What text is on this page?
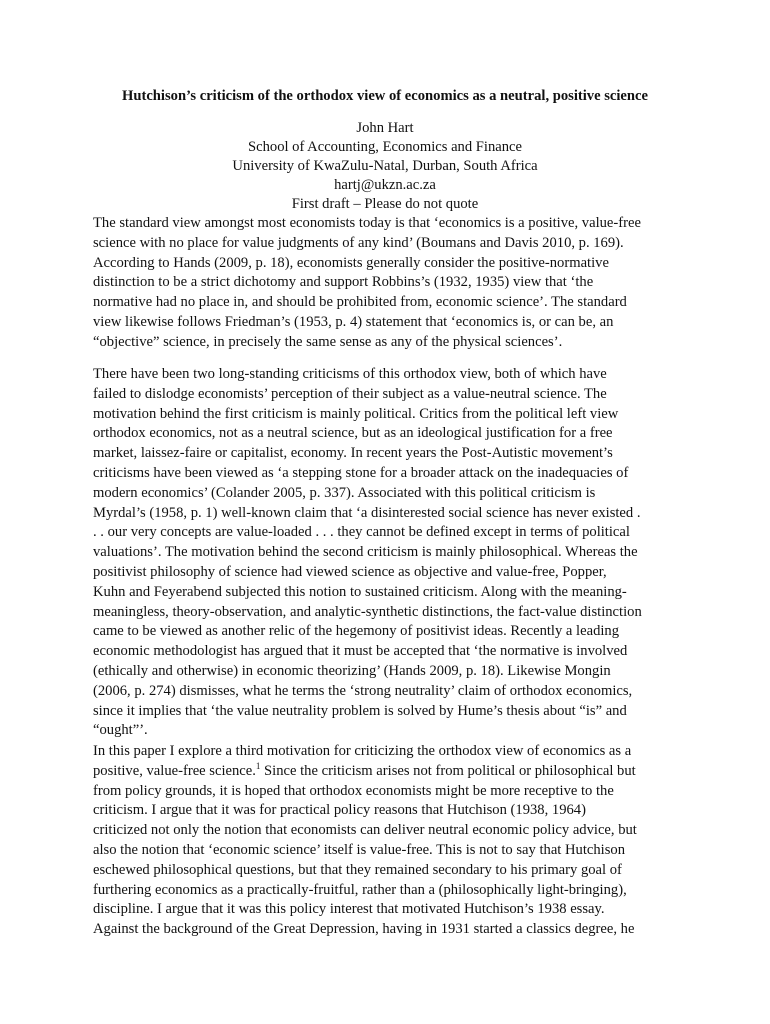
Hutchison’s criticism of the orthodox view of economics as a neutral, positive science
John Hart
School of Accounting, Economics and Finance
University of KwaZulu-Natal, Durban, South Africa
hartj@ukzn.ac.za
First draft – Please do not quote
The standard view amongst most economists today is that ‘economics is a positive, value-free
science with no place for value judgments of any kind’ (Boumans and Davis 2010, p. 169).
According to Hands (2009, p. 18), economists generally consider the positive-normative
distinction to be a strict dichotomy and support Robbins’s (1932, 1935) view that ‘the
normative had no place in, and should be prohibited from, economic science’. The standard
view likewise follows Friedman’s (1953, p. 4) statement that ‘economics is, or can be, an
“objective” science, in precisely the same sense as any of the physical sciences’.
There have been two long-standing criticisms of this orthodox view, both of which have
failed to dislodge economists’ perception of their subject as a value-neutral science. The
motivation behind the first criticism is mainly political. Critics from the political left view
orthodox economics, not as a neutral science, but as an ideological justification for a free
market, laissez-faire or capitalist, economy. In recent years the Post-Autistic movement’s
criticisms have been viewed as ‘a stepping stone for a broader attack on the inadequacies of
modern economics’ (Colander 2005, p. 337). Associated with this political criticism is
Myrdal’s (1958, p. 1) well-known claim that ‘a disinterested social science has never existed .
. . our very concepts are value-loaded . . . they cannot be defined except in terms of political
valuations’. The motivation behind the second criticism is mainly philosophical. Whereas the
positivist philosophy of science had viewed science as objective and value-free, Popper,
Kuhn and Feyerabend subjected this notion to sustained criticism. Along with the meaning-
meaningless, theory-observation, and analytic-synthetic distinctions, the fact-value distinction
came to be viewed as another relic of the hegemony of positivist ideas. Recently a leading
economic methodologist has argued that it must be accepted that ‘the normative is involved
(ethically and otherwise) in economic theorizing’ (Hands 2009, p. 18). Likewise Mongin
(2006, p. 274) dismisses, what he terms the ‘strong neutrality’ claim of orthodox economics,
since it implies that ‘the value neutrality problem is solved by Hume’s thesis about “is” and
“ought”’.
In this paper I explore a third motivation for criticizing the orthodox view of economics as a
positive, value-free science.$^1$ Since the criticism arises not from political or philosophical but
from policy grounds, it is hoped that orthodox economists might be more receptive to the
criticism. I argue that it was for practical policy reasons that Hutchison (1938, 1964)
criticized not only the notion that economists can deliver neutral economic policy advice, but
also the notion that ‘economic science’ itself is value-free. This is not to say that Hutchison
eschewed philosophical questions, but that they remained secondary to his primary goal of
furthering economics as a practically-fruitful, rather than a (philosophically light-bringing),
discipline. I argue that it was this policy interest that motivated Hutchison’s 1938 essay.
Against the background of the Great Depression, having in 1931 started a classics degree, he
